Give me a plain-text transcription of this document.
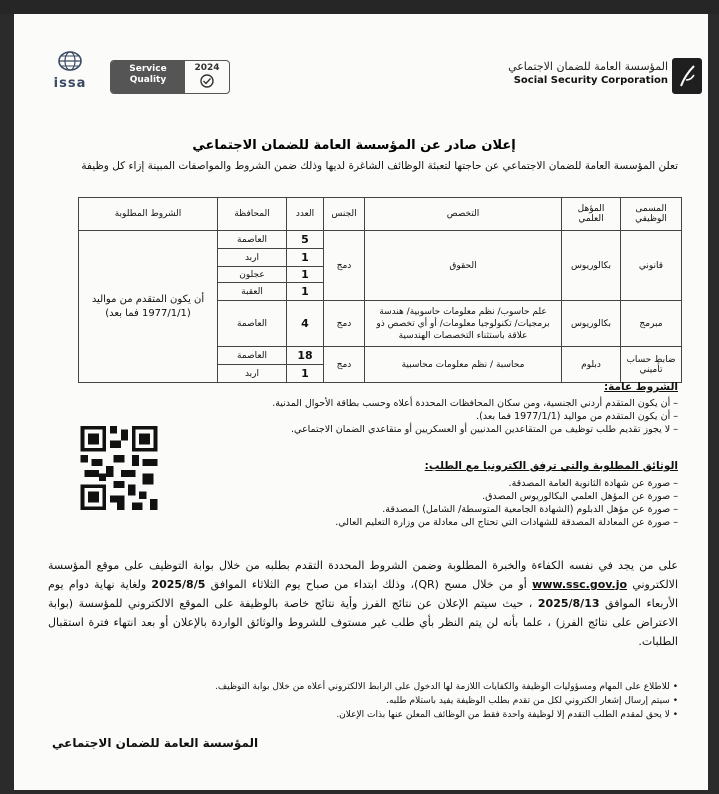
issa
Service Quality
2024	المؤسسة العامة للضمان الاجتماعي
Social Security Corporation
إعلان صادر عن المؤسسة العامة للضمان الاجتماعي
تعلن المؤسسة العامة للضمان الاجتماعي عن حاجتها لتعبئة الوظائف الشاغرة لديها وذلك ضمن الشروط والمواصفات المبينة إزاء كل وظيفة
المسمى الوظيفي	المؤهل العلمي	التخصص	الجنس	العدد	المحافظة	الشروط المطلوبة
قانوني	بكالوريوس	الحقوق	دمج	5	العاصمة	أن يكون المتقدم من مواليد (1977/1/1 فما بعد)
				1	اربد	
				1	عجلون	
				1	العقبة	
مبرمج	بكالوريوس	علم حاسوب/ نظم معلومات حاسوبية/ هندسة برمجيات/ تكنولوجيا معلومات/ أو أي تخصص ذو علاقة باستثناء التخصصات الهندسية	دمج	4	العاصمة	
ضابط حساب تأميني	دبلوم	محاسبة / نظم معلومات محاسبية	دمج	18	العاصمة	
				1	اربد	
الشروط عامة:
– أن يكون المتقدم أردني الجنسية، ومن سكان المحافظات المحددة أعلاه وحسب بطاقة الأحوال المدنية.
– أن يكون المتقدم من مواليد (1977/1/1 فما بعد).
– لا يجوز تقديم طلب توظيف من المتقاعدين المدنيين أو العسكريين أو متقاعدي الضمان الاجتماعي.
الوثائق المطلوبة والتي ترفق الكترونيا مع الطلب:
– صورة عن شهادة الثانوية العامة المصدقة.
– صورة عن المؤهل العلمي البكالوريوس المصدق.
– صورة عن مؤهل الدبلوم (الشهادة الجامعية المتوسطة/ الشامل) المصدقة.
– صورة عن المعادلة المصدقة للشهادات التي تحتاج الى معادلة من وزارة التعليم العالي.
على من يجد في نفسه الكفاءة والخبرة المطلوبة وضمن الشروط المحددة التقدم بطلبه من خلال بوابة التوظيف على موقع المؤسسة الالكتروني www.ssc.gov.jo أو من خلال مسح (QR)، وذلك ابتداء من صباح يوم الثلاثاء الموافق 2025/8/5 ولغاية نهاية دوام يوم الأربعاء الموافق 2025/8/13 ، حيث سيتم الإعلان عن نتائج الفرز وأية نتائج خاصة بالوظيفة على الموقع الالكتروني للمؤسسة (بوابة الاعتراض على نتائج الفرز) ، علما بأنه لن يتم النظر بأي طلب غير مستوف للشروط والوثائق الواردة بالإعلان أو بعد انتهاء فترة استقبال الطلبات.
• للاطلاع على المهام ومسؤوليات الوظيفة والكفايات اللازمة لها الدخول على الرابط الالكتروني أعلاه من خلال بوابة التوظيف.
• سيتم إرسال إشعار الكتروني لكل من تقدم بطلب الوظيفة يفيد باستلام طلبه.
• لا يحق لمقدم الطلب التقدم إلا لوظيفة واحدة فقط من الوظائف المعلن عنها بذات الإعلان.
المؤسسة العامة للضمان الاجتماعي
